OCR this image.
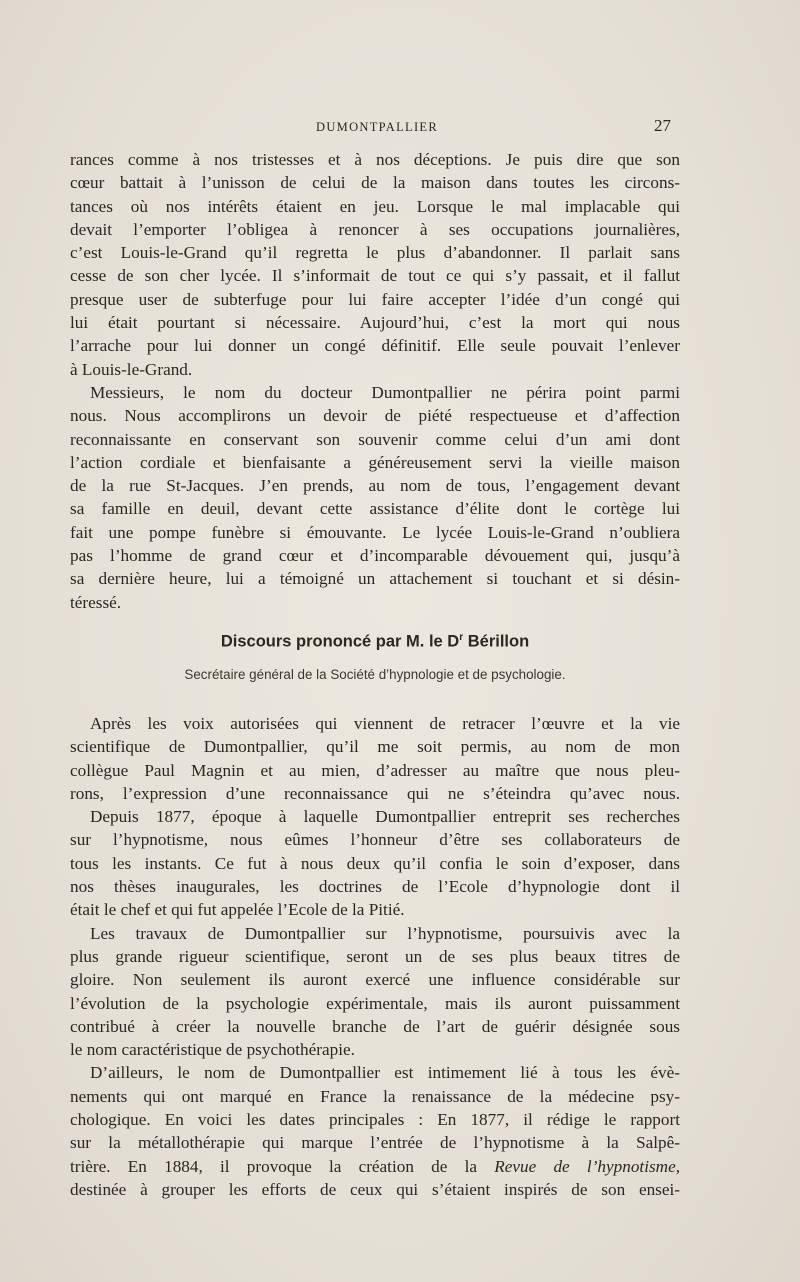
DUMONTPALLIER	27
rances comme à nos tristesses et à nos déceptions. Je puis dire que son
cœur battait à l’unisson de celui de la maison dans toutes les circons-
tances où nos intérêts étaient en jeu. Lorsque le mal implacable qui
devait l’emporter l’obligea à renoncer à ses occupations journalières,
c’est Louis-le-Grand qu’il regretta le plus d’abandonner. Il parlait sans
cesse de son cher lycée. Il s’informait de tout ce qui s’y passait, et il fallut
presque user de subterfuge pour lui faire accepter l’idée d’un congé qui
lui était pourtant si nécessaire. Aujourd’hui, c’est la mort qui nous
l’arrache pour lui donner un congé définitif. Elle seule pouvait l’enlever
à Louis-le-Grand.
Messieurs, le nom du docteur Dumontpallier ne périra point parmi
nous. Nous accomplirons un devoir de piété respectueuse et d’affection
reconnaissante en conservant son souvenir comme celui d’un ami dont
l’action cordiale et bienfaisante a généreusement servi la vieille maison
de la rue St-Jacques. J’en prends, au nom de tous, l’engagement devant
sa famille en deuil, devant cette assistance d’élite dont le cortège lui
fait une pompe funèbre si émouvante. Le lycée Louis-le-Grand n’oubliera
pas l’homme de grand cœur et d’incomparable dévouement qui, jusqu’à
sa dernière heure, lui a témoigné un attachement si touchant et si désin-
téressé.
Discours prononcé par M. le $D^r$ Bérillon
Secrétaire général de la Société d’hypnologie et de psychologie.
Après les voix autorisées qui viennent de retracer l’œuvre et la vie
scientifique de Dumontpallier, qu’il me soit permis, au nom de mon
collègue Paul Magnin et au mien, d’adresser au maître que nous pleu-
rons, l’expression d’une reconnaissance qui ne s’éteindra qu’avec nous.
Depuis 1877, époque à laquelle Dumontpallier entreprit ses recherches
sur l’hypnotisme, nous eûmes l’honneur d’être ses collaborateurs de
tous les instants. Ce fut à nous deux qu’il confia le soin d’exposer, dans
nos thèses inaugurales, les doctrines de l’Ecole d’hypnologie dont il
était le chef et qui fut appelée l’Ecole de la Pitié.
Les travaux de Dumontpallier sur l’hypnotisme, poursuivis avec la
plus grande rigueur scientifique, seront un de ses plus beaux titres de
gloire. Non seulement ils auront exercé une influence considérable sur
l’évolution de la psychologie expérimentale, mais ils auront puissamment
contribué à créer la nouvelle branche de l’art de guérir désignée sous
le nom caractéristique de psychothérapie.
D’ailleurs, le nom de Dumontpallier est intimement lié à tous les évè-
nements qui ont marqué en France la renaissance de la médecine psy-
chologique. En voici les dates principales : En 1877, il rédige le rapport
sur la métallothérapie qui marque l’entrée de l’hypnotisme à la Salpê-
trière. En 1884, il provoque la création de la Revue de l’hypnotisme,
destinée à grouper les efforts de ceux qui s’étaient inspirés de son ensei-
